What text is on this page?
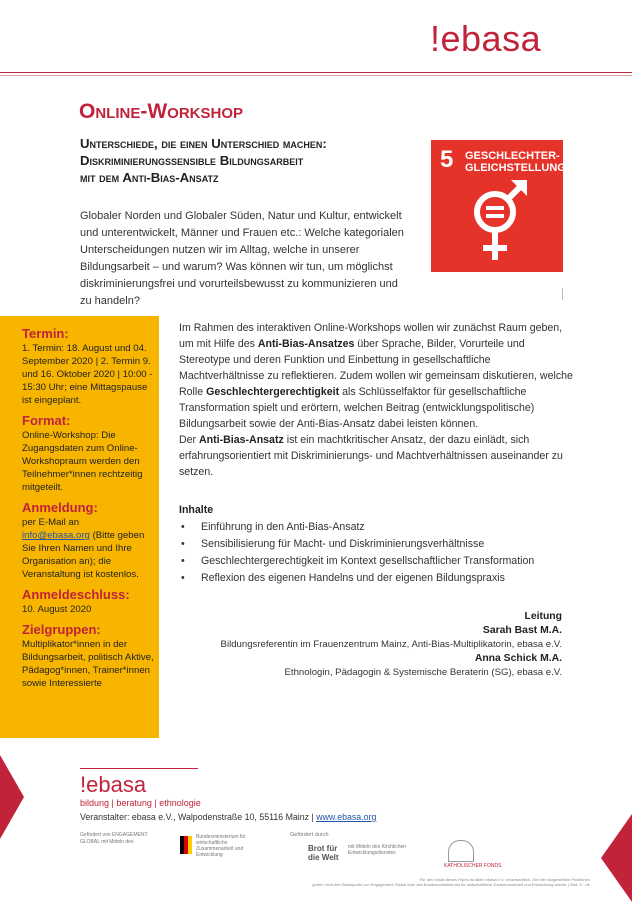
!ebasa
Online-Workshop
Unterschiede, die einen Unterschied machen:
Diskriminierungssensible Bildungsarbeit
mit dem Anti-Bias-Ansatz
5 GESCHLECHTER-
GLEICHSTELLUNG
Globaler Norden und Globaler Süden, Natur und Kultur, entwickelt und unterentwickelt, Männer und Frauen etc.: Welche kategorialen Unterscheidungen nutzen wir im Alltag, welche in unserer Bildungsarbeit – und warum? Was können wir tun, um möglichst diskriminierungsfrei und vorurteilsbewusst zu kommunizieren und zu handeln?

Termin:

1. Termin: 18. August und 04. September 2020 | 2. Termin 9. und 16. Oktober 2020 | 10:00 - 15:30 Uhr; eine Mittagspause ist eingeplant.

Format:

Online-Workshop: Die Zugangsdaten zum Online-Workshopraum werden den Teilnehmer*innen rechtzeitig mitgeteilt.

Anmeldung:

per E-Mail an
info@ebasa.org (Bitte geben Sie Ihren Namen und Ihre Organisation an); die Veranstaltung ist kostenlos.

Anmeldeschluss:

10. August 2020

Zielgruppen:

Multiplikator*innen in der Bildungsarbeit, politisch Aktive, Pädagog*innen, Trainer*innen sowie Interessierte

Im Rahmen des interaktiven Online-Workshops wollen wir zunächst Raum geben, um mit Hilfe des Anti-Bias-Ansatzes über Sprache, Bilder, Vorurteile und Stereotype und deren Funktion und Einbettung in gesellschaftliche Machtverhältnisse zu reflektieren. Zudem wollen wir gemeinsam diskutieren, welche Rolle Geschlechtergerechtigkeit als Schlüsselfaktor für gesellschaftliche Transformation spielt und erörtern, welchen Beitrag (entwicklungspolitische) Bildungsarbeit sowie der Anti-Bias-Ansatz dabei leisten können.
Der Anti-Bias-Ansatz ist ein machtkritischer Ansatz, der dazu einlädt, sich erfahrungsorientiert mit Diskriminierungs- und Machtverhältnissen auseinander zu setzen.
Inhalte
• Einführung in den Anti-Bias-Ansatz
• Sensibilisierung für Macht- und Diskriminierungsverhältnisse
• Geschlechtergerechtigkeit im Kontext gesellschaftlicher Transformation
• Reflexion des eigenen Handelns und der eigenen Bildungspraxis
Leitung
Sarah Bast M.A.
Bildungsreferentin im Frauenzentrum Mainz, Anti-Bias-Multiplikatorin, ebasa e.V.
Anna Schick M.A.
Ethnologin, Pädagogin & Systemische Beraterin (SG), ebasa e.V.
!ebasa
bildung | beratung | ethnologie
Veranstalter: ebasa e.V., Walpodenstraße 10, 55116 Mainz | www.ebasa.org
Gefördert von ENGAGEMENT GLOBAL mit Mitteln des
Bundesministerium für wirtschaftliche Zusammenarbeit und Entwicklung
Gefördert durch
Brot für die Welt
mit Mitteln des Kirchlichen Entwicklungsdienstes
KATHOLISCHER FONDS
Für den Inhalt dieses Flyers ist allein ebasa e.V. verantwortlich. Die hier dargestellten Positionen
geben nicht den Standpunkt von Engagement Global oder des Bundesministeriums für wirtschaftliche Zusammenarbeit und Entwicklung wieder. | Bild: ©...de
